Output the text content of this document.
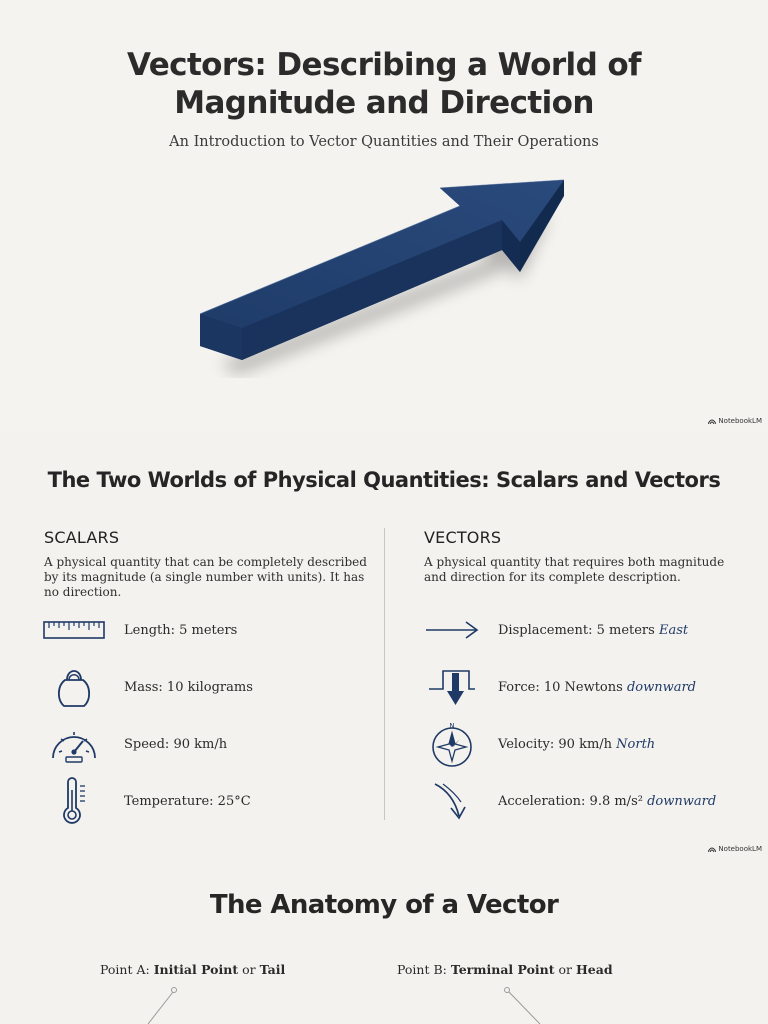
Vectors: Describing a World of
Magnitude and Direction
An Introduction to Vector Quantities and Their Operations
NotebookLM
The Two Worlds of Physical Quantities: Scalars and Vectors
SCALARS
A physical quantity that can be completely described by its magnitude (a single number with units). It has no direction.
VECTORS
A physical quantity that requires both magnitude and direction for its complete description.
Length: 5 meters
Mass: 10 kilograms
Speed: 90 km/h
Temperature: 25°C
Displacement: 5 meters East
Force: 10 Newtons downward
N
Velocity: 90 km/h North
Acceleration: 9.8 m/s² downward
NotebookLM
The Anatomy of a Vector
Point A: Initial Point or Tail	Point B: Terminal Point or Head
